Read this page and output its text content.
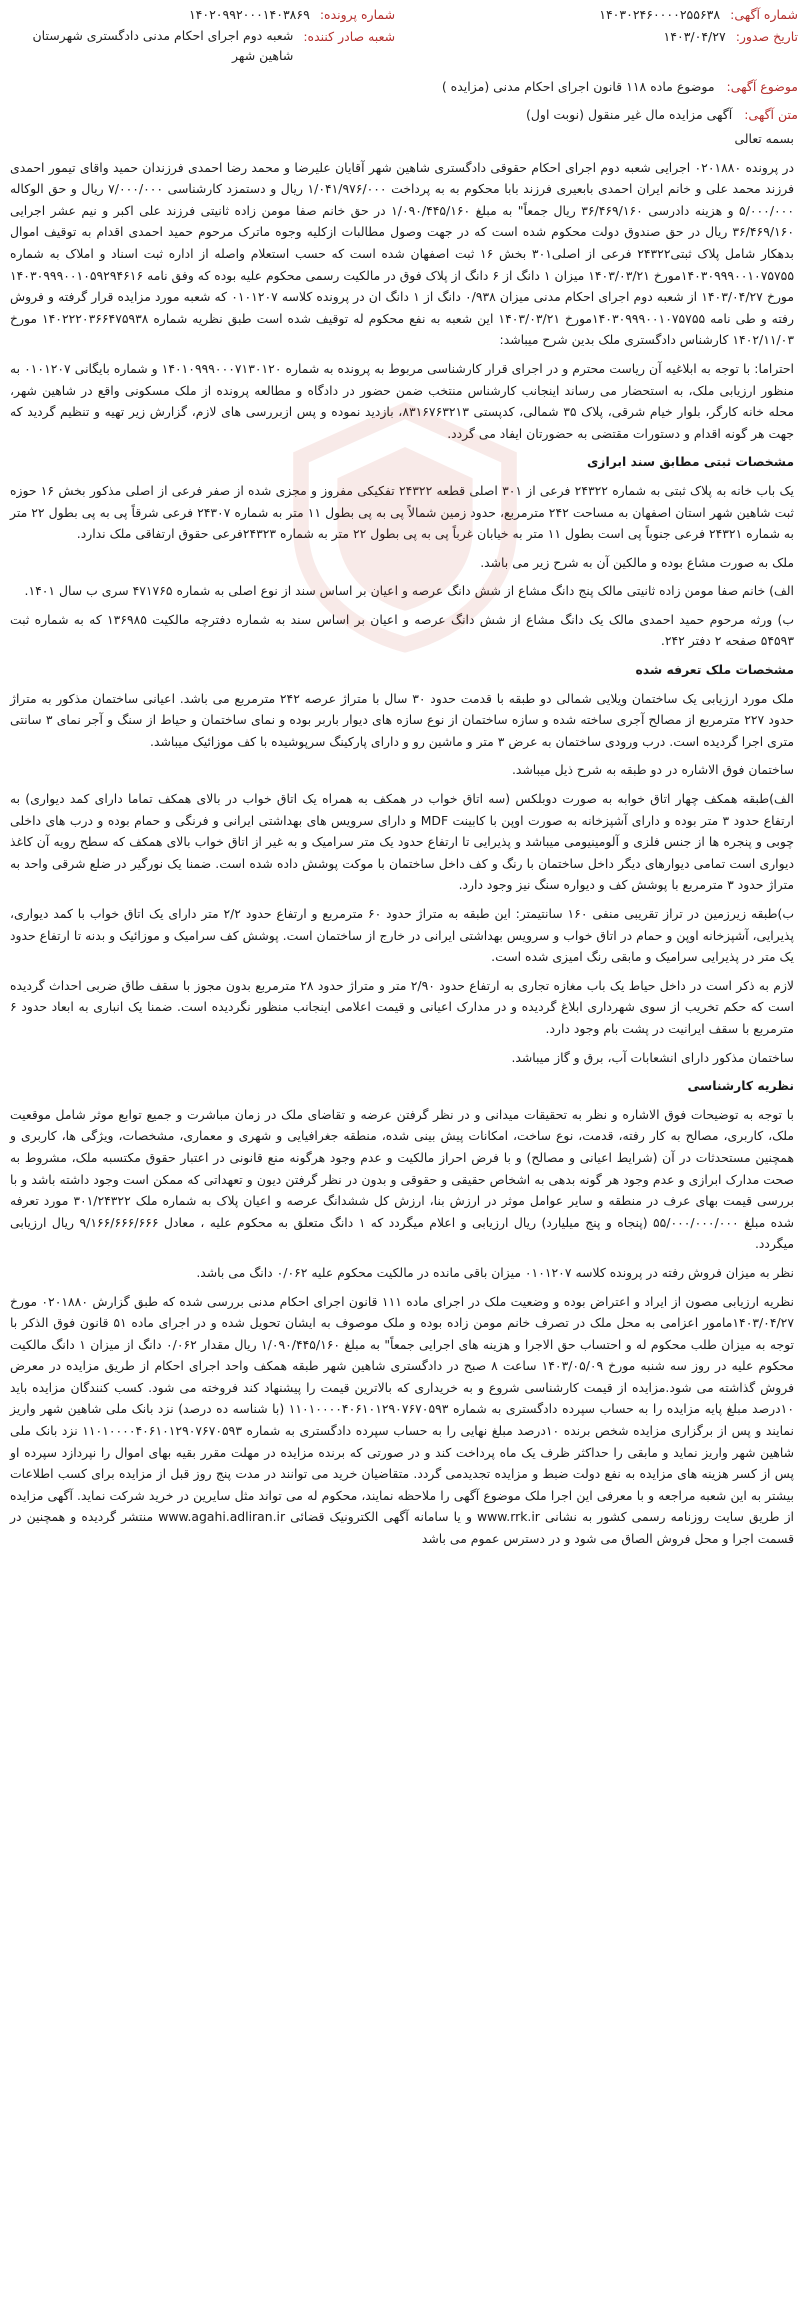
شماره آگهی:
۱۴۰۳۰۲۴۶۰۰۰۰۲۵۵۶۳۸
شماره پرونده:
۱۴۰۲۰۹۹۲۰۰۰۱۴۰۳۸۶۹
تاریخ صدور:
۱۴۰۳/۰۴/۲۷
شعبه صادر کننده:
شعبه دوم اجرای احکام مدنی دادگستری شهرستان شاهین شهر
موضوع آگهی: موضوع ماده ۱۱۸ قانون اجرای احکام مدنی (مزایده )
متن آگهی: آگهی مزایده مال غیر منقول (نوبت اول)

بسمه تعالی

در پرونده ۰۲۰۱۸۸۰ اجرایی شعبه دوم اجرای احکام حقوقی دادگستری شاهین شهر آقایان علیرضا و محمد رضا احمدی فرزندان حمید واقای تیمور احمدی فرزند محمد علی و خانم ایران احمدی بابعیری فرزند بابا محکوم به به پرداخت ۱/۰۴۱/۹۷۶/۰۰۰ ریال و دستمزد کارشناسی ۷/۰۰۰/۰۰۰ ریال و حق الوکاله ۵/۰۰۰/۰۰۰ و هزینه دادرسی ۳۶/۴۶۹/۱۶۰ ریال جمعاً" به مبلغ ۱/۰۹۰/۴۴۵/۱۶۰ در حق خانم صفا مومن زاده ثانیتی فرزند علی اکبر و نیم عشر اجرایی ۳۶/۴۶۹/۱۶۰ ریال در حق صندوق دولت محکوم شده است که در جهت وصول مطالبات ازکلیه وجوه ماترک مرحوم حمید احمدی اقدام به توقیف اموال بدهکار شامل پلاک ثبتی۲۴۳۲۲ فرعی از اصلی۳۰۱ بخش ۱۶ ثبت اصفهان شده است که حسب استعلام واصله از اداره ثبت اسناد و املاک به شماره ۱۴۰۳۰۹۹۹۰۰۱۰۷۵۷۵۵مورخ ۱۴۰۳/۰۳/۲۱ میزان ۱ دانگ از ۶ دانگ از پلاک فوق در مالکیت رسمی محکوم علیه بوده که وفق نامه ۱۴۰۳۰۹۹۹۰۰۱۰۵۹۲۹۴۶۱۶ مورخ ۱۴۰۳/۰۴/۲۷ از شعبه دوم اجرای احکام مدنی میزان ۰/۹۳۸ دانگ از ۱ دانگ ان در پرونده کلاسه ۰۱۰۱۲۰۷ که شعبه مورد مزایده قرار گرفته و فروش رفته و طی نامه ۱۴۰۳۰۹۹۹۰۰۱۰۷۵۷۵۵مورخ ۱۴۰۳/۰۳/۲۱ این شعبه به نفع محکوم له توقیف شده است طبق نظریه شماره ۱۴۰۲۲۲۰۳۶۶۴۷۵۹۳۸ مورخ ۱۴۰۲/۱۱/۰۳ کارشناس دادگستری ملک بدین شرح میباشد:

احتراما: با توجه به ابلاغیه آن ریاست محترم و در اجرای قرار کارشناسی مربوط به پرونده به شماره ۱۴۰۱۰۹۹۹۰۰۰۷۱۳۰۱۲۰ و شماره بایگانی ۰۱۰۱۲۰۷ به منظور ارزیابی ملک، به استحضار می رساند اینجانب کارشناس منتخب ضمن حضور در دادگاه و مطالعه پرونده از ملک مسکونی واقع در شاهین شهر، محله خانه کارگر، بلوار خیام شرقی، پلاک ۳۵ شمالی، کدپستی ۸۳۱۶۷۶۳۲۱۳، بازدید نموده و پس ازبررسی های لازم، گزارش زیر تهیه و تنظیم گردید که جهت هر گونه اقدام و دستورات مقتضی به حضورتان ایفاد می گردد.

مشخصات ثبتی مطابق سند ابرازی

یک باب خانه به پلاک ثبتی به شماره ۲۴۳۲۲ فرعی از ۳۰۱ اصلی قطعه ۲۴۳۲۲ تفکیکی مفروز و مجزی شده از صفر فرعی از اصلی مذکور بخش ۱۶ حوزه ثبت شاهین شهر استان اصفهان به مساحت ۲۴۲ مترمربع، حدود زمین شمالاً پی به پی بطول ۱۱ متر به شماره ۲۴۳۰۷ فرعی شرقاً پی به پی بطول ۲۲ متر به شماره ۲۴۳۲۱ فرعی جنوباً پی است بطول ۱۱ متر به خیابان غرباً پی به پی بطول ۲۲ متر به شماره ۲۴۳۲۳فرعی حقوق ارتفاقی ملک ندارد.

ملک به صورت مشاع بوده و مالکین آن به شرح زیر می باشد.

الف) خانم صفا مومن زاده ثانیتی مالک پنج دانگ مشاع از شش دانگ عرصه و اعیان بر اساس سند از نوع اصلی به شماره ۴۷۱۷۶۵ سری ب سال ۱۴۰۱.

ب) ورثه مرحوم حمید احمدی مالک یک دانگ مشاع از شش دانگ عرصه و اعیان بر اساس سند به شماره دفترچه مالکیت ۱۳۶۹۸۵ که به شماره ثبت ۵۴۵۹۳ صفحه ۲ دفتر ۲۴۲.

مشخصات ملک تعرفه شده

ملک مورد ارزیابی یک ساختمان ویلایی شمالی دو طبقه با قدمت حدود ۳۰ سال با متراژ عرصه ۲۴۲ مترمربع می باشد. اعیانی ساختمان مذکور به متراژ حدود ۲۲۷ مترمربع از مصالح آجری ساخته شده و سازه ساختمان از نوع سازه های دیوار باربر بوده و نمای ساختمان و حیاط از سنگ و آجر نمای ۳ سانتی متری اجرا گردیده است. درب ورودی ساختمان به عرض ۳ متر و ماشین رو و دارای پارکینگ سرپوشیده با کف موزائیک میباشد.

ساختمان فوق الاشاره در دو طبقه به شرح ذیل میباشد.

الف)طبقه همکف چهار اتاق خوابه به صورت دوبلکس (سه اتاق خواب در همکف به همراه یک اتاق خواب در بالای همکف تماما دارای کمد دیواری) به ارتفاع حدود ۳ متر بوده و دارای آشپزخانه به صورت اوپن با کابینت MDF و دارای سرویس های بهداشتی ایرانی و فرنگی و حمام بوده و درب های داخلی چوبی و پنجره ها از جنس فلزی و آلومینیومی میباشد و پذیرایی تا ارتفاع حدود یک متر سرامیک و به غیر از اتاق خواب بالای همکف که سطح رویه آن کاغذ دیواری است تمامی دیوارهای دیگر داخل ساختمان با رنگ و کف داخل ساختمان با موکت پوشش داده شده است. ضمنا یک نورگیر در ضلع شرقی واحد به متراژ حدود ۳ مترمربع با پوشش کف و دیواره سنگ نیز وجود دارد.

ب)طبقه زیرزمین در تراز تقریبی منفی ۱۶۰ سانتیمتر: این طبقه به متراژ حدود ۶۰ مترمربع و ارتفاع حدود ۲/۲ متر دارای یک اتاق خواب با کمد دیواری، پذیرایی، آشپزخانه اوپن و حمام در اتاق خواب و سرویس بهداشتی ایرانی در خارج از ساختمان است. پوشش کف سرامیک و موزائیک و بدنه تا ارتفاع حدود یک متر در پذیرایی سرامیک و مابقی رنگ امیزی شده است.

لازم به ذکر است در داخل حیاط یک باب مغازه تجاری به ارتفاع حدود ۲/۹۰ متر و متراژ حدود ۲۸ مترمربع بدون مجوز با سقف طاق ضربی احداث گردیده است که حکم تخریب از سوی شهرداری ابلاغ گردیده و در مدارک اعیانی و قیمت اعلامی اینجانب منظور نگردیده است. ضمنا یک انباری به ابعاد حدود ۶ مترمربع با سقف ایرانیت در پشت بام وجود دارد.

ساختمان مذکور دارای انشعابات آب، برق و گاز میباشد.

نظریه کارشناسی

با توجه به توضیحات فوق الاشاره و نظر به تحقیقات میدانی و در نظر گرفتن عرضه و تقاضای ملک در زمان مباشرت و جمیع توابع موثر شامل موقعیت ملک، کاربری، مصالح به کار رفته، قدمت، نوع ساخت، امکانات پیش بینی شده، منطقه جغرافیایی و شهری و معماری، مشخصات، ویژگی ها، کاربری و همچنین مستحدثات در آن (شرایط اعیانی و مصالح) و با فرض احراز مالکیت و عدم وجود هرگونه منع قانونی در اعتبار حقوق مکتسبه ملک، مشروط به صحت مدارک ابرازی و عدم وجود هر گونه بدهی به اشخاص حقیقی و حقوقی و بدون در نظر گرفتن دیون و تعهداتی که ممکن است وجود داشته باشد و با بررسی قیمت بهای عرف در منطقه و سایر عوامل موثر در ارزش بنا، ارزش کل ششدانگ عرصه و اعیان پلاک به شماره ملک ۳۰۱/۲۴۳۲۲ مورد تعرفه شده مبلغ ۵۵/۰۰۰/۰۰۰/۰۰۰ (پنجاه و پنج میلیارد) ریال ارزیابی و اعلام میگردد که ۱ دانگ متعلق به محکوم علیه ، معادل ۹/۱۶۶/۶۶۶/۶۶۶ ریال ارزیابی میگردد.

نظر به میزان فروش رفته در پرونده کلاسه ۰۱۰۱۲۰۷ میزان باقی مانده در مالکیت محکوم علیه ۰/۰۶۲ دانگ می باشد.

نظریه ارزیابی مصون از ایراد و اعتراض بوده و وضعیت ملک در اجرای ماده ۱۱۱ قانون اجرای احکام مدنی بررسی شده که طبق گزارش ۰۲۰۱۸۸۰ مورخ ۱۴۰۳/۰۴/۲۷مامور اعزامی به محل ملک در تصرف خانم مومن زاده بوده و ملک موصوف به ایشان تحویل شده و در اجرای ماده ۵۱ قانون فوق الذکر با توجه به میزان طلب محکوم له و احتساب حق الاجرا و هزینه های اجرایی جمعاً" به مبلغ ۱/۰۹۰/۴۴۵/۱۶۰ ریال مقدار ۰/۰۶۲ دانگ از میزان ۱ دانگ مالکیت محکوم علیه در روز سه شنبه مورخ ۱۴۰۳/۰۵/۰۹ ساعت ۸ صبح در دادگستری شاهین شهر طبقه همکف واحد اجرای احکام از طریق مزایده در معرض فروش گذاشته می شود.مزایده از قیمت کارشناسی شروع و به خریداری که بالاترین قیمت را پیشنهاد کند فروخته می شود. کسب کنندگان مزایده باید ۱۰درصد مبلغ پایه مزایده را به حساب سپرده دادگستری به شماره ۱۱۰۱۰۰۰۰۴۰۶۱۰۱۲۹۰۷۶۷۰۵۹۳ (با شناسه ده درصد) نزد بانک ملی شاهین شهر واریز نمایند و پس از برگزاری مزایده شخص برنده ۱۰درصد مبلغ نهایی را به حساب سپرده دادگستری به شماره ۱۱۰۱۰۰۰۰۴۰۶۱۰۱۲۹۰۷۶۷۰۵۹۳ نزد بانک ملی شاهین شهر واریز نماید و مابقی را حداکثر ظرف یک ماه پرداخت کند و در صورتی که برنده مزایده در مهلت مقرر بقیه بهای اموال را نپردازد سپرده او پس از کسر هزینه های مزایده به نفع دولت ضبط و مزایده تجدیدمی گردد. متقاضیان خرید می توانند در مدت پنج روز قبل از مزایده برای کسب اطلاعات بیشتر به این شعبه مراجعه و با معرفی این اجرا ملک موضوع آگهی را ملاحظه نمایند، محکوم له می تواند مثل سایرین در خرید شرکت نماید. آگهی مزایده از طریق سایت روزنامه رسمی کشور به نشانی www.rrk.ir و یا سامانه آگهی الکترونیک قضائی www.agahi.adliran.ir منتشر گردیده و همچنین در قسمت اجرا و محل فروش الصاق می شود و در دسترس عموم می باشد
